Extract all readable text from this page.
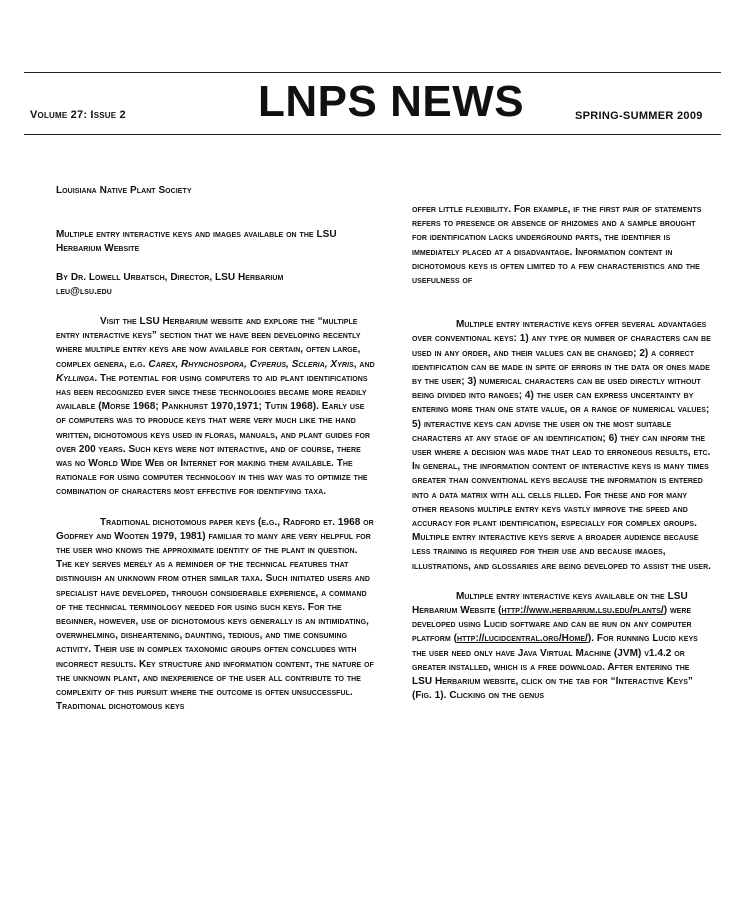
Volume 27: Issue 2	LNPS NEWS	SPRING-SUMMER 2009

Louisiana Native Plant Society

Multiple entry interactive keys and images available on the LSU Herbarium Website

By Dr. Lowell Urbatsch, Director, LSU Herbarium
leu@lsu.edu

Visit the LSU Herbarium website and explore the “multiple entry interactive keys” section that we have been developing recently where multiple entry keys are now available for certain, often large, complex genera, e.g. Carex, Rhynchospora, Cyperus, Scleria, Xyris, and Kyllinga. The potential for using computers to aid plant identifications has been recognized ever since these technologies became more readily available (Morse 1968; Pankhurst 1970,1971; Tutin 1968). Early use of computers was to produce keys that were very much like the hand written, dichotomous keys used in floras, manuals, and plant guides for over 200 years. Such keys were not interactive, and of course, there was no World Wide Web or Internet for making them available. The rationale for using computer technology in this way was to optimize the combination of characters most effective for identifying taxa.

Traditional dichotomous paper keys (e.g., Radford et. 1968 or Godfrey and Wooten 1979, 1981) familiar to many are very helpful for the user who knows the approximate identity of the plant in question. The key serves merely as a reminder of the technical features that distinguish an unknown from other similar taxa. Such initiated users and specialist have developed, through considerable experience, a command of the technical terminology needed for using such keys. For the beginner, however, use of dichotomous keys generally is an intimidating, overwhelming, disheartening, daunting, tedious, and time consuming activity. Their use in complex taxonomic groups often concludes with incorrect results. Key structure and information content, the nature of the unknown plant, and inexperience of the user all contribute to the complexity of this pursuit where the outcome is often unsuccessful. Traditional dichotomous keys

offer little flexibility. For example, if the first pair of statements refers to presence or absence of rhizomes and a sample brought for identification lacks underground parts, the identifier is immediately placed at a disadvantage. Information content in dichotomous keys is often limited to a few characteristics and the usefulness of

Multiple entry interactive keys offer several advantages over conventional keys: 1) any type or number of characters can be used in any order, and their values can be changed; 2) a correct identification can be made in spite of errors in the data or ones made by the user; 3) numerical characters can be used directly without being divided into ranges; 4) the user can express uncertainty by entering more than one state value, or a range of numerical values; 5) interactive keys can advise the user on the most suitable characters at any stage of an identification; 6) they can inform the user where a decision was made that lead to erroneous results, etc. In general, the information content of interactive keys is many times greater than conventional keys because the information is entered into a data matrix with all cells filled. For these and for many other reasons multiple entry keys vastly improve the speed and accuracy for plant identification, especially for complex groups. Multiple entry interactive keys serve a broader audience because less training is required for their use and because images, illustrations, and glossaries are being developed to assist the user.

Multiple entry interactive keys available on the LSU Herbarium Website (http://www.herbarium.lsu.edu/plants/) were developed using Lucid software and can be run on any computer platform (http://lucidcentral.org/Home/). For running Lucid keys the user need only have Java Virtual Machine (JVM) v1.4.2 or greater installed, which is a free download. After entering the LSU Herbarium website, click on the tab for “Interactive Keys” (Fig. 1). Clicking on the genus
